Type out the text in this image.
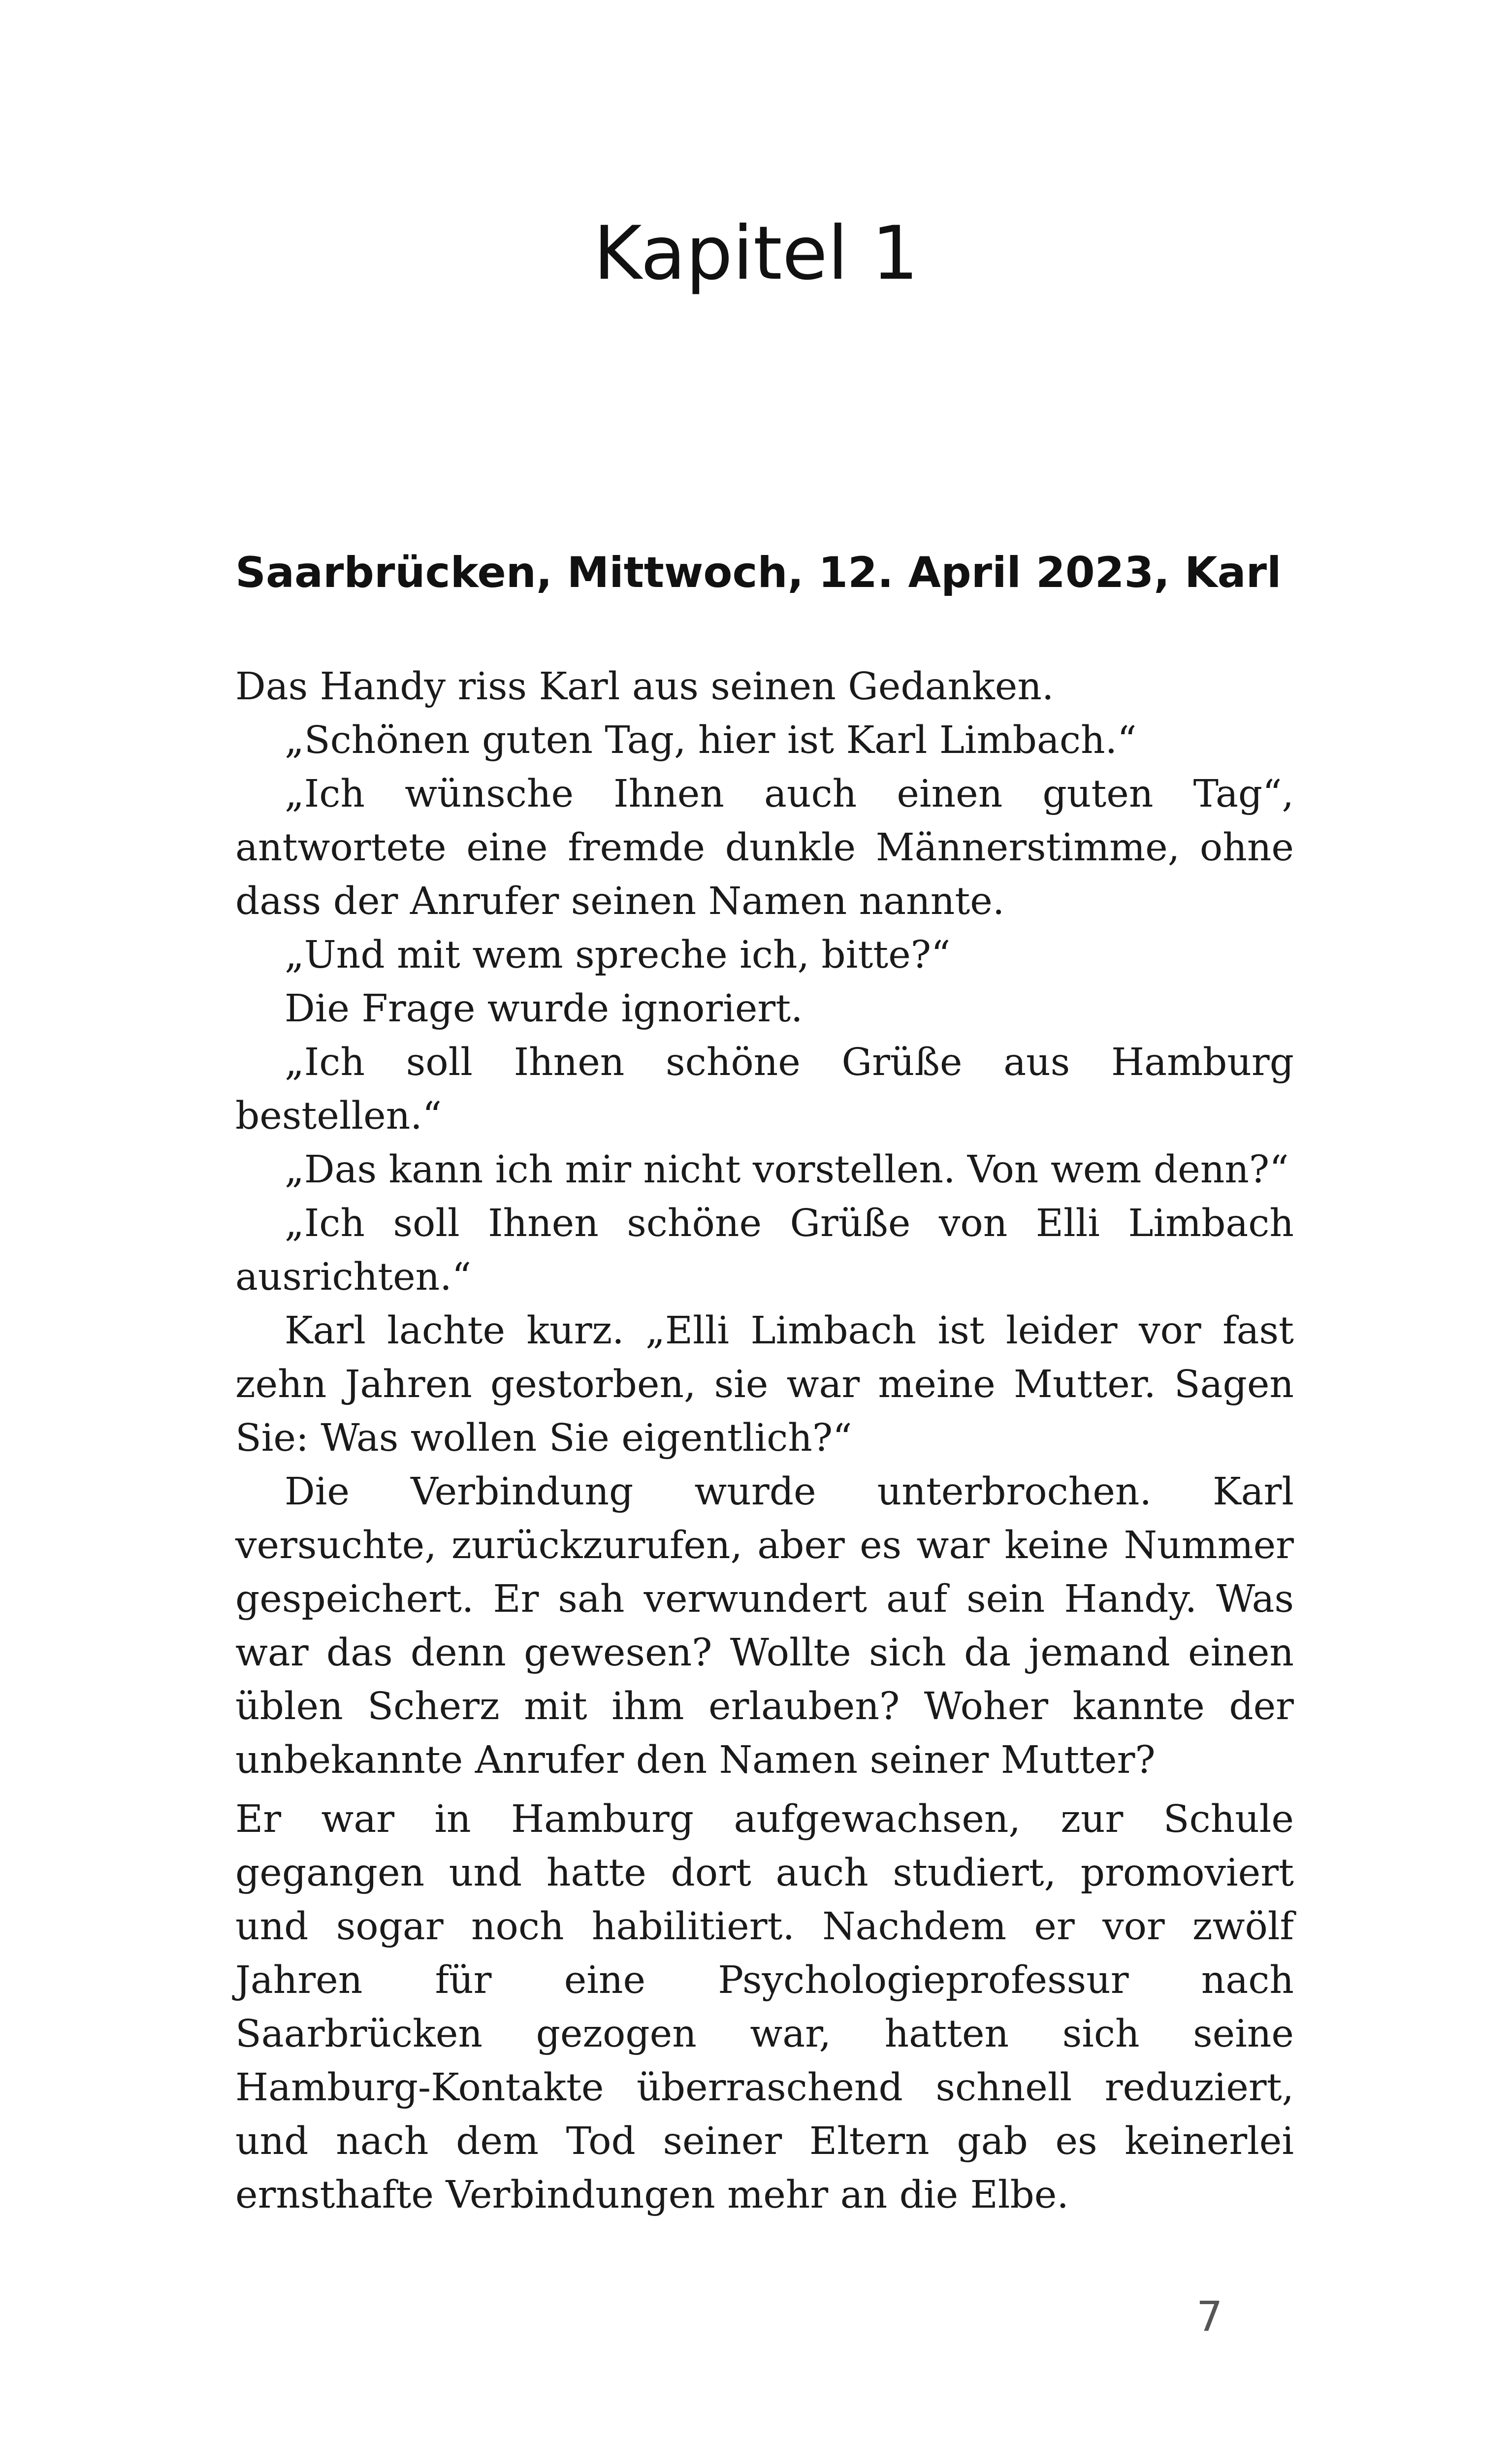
Kapitel 1
Saarbrücken, Mittwoch, 12. April 2023, Karl

Das Handy riss Karl aus seinen Gedanken.

„Schönen guten Tag, hier ist Karl Limbach.“

„Ich wünsche Ihnen auch einen guten Tag“, antwortete eine fremde dunkle Männerstimme, ohne dass der Anrufer seinen Namen nannte.

„Und mit wem spreche ich, bitte?“

Die Frage wurde ignoriert.

„Ich soll Ihnen schöne Grüße aus Hamburg bestellen.“

„Das kann ich mir nicht vorstellen. Von wem denn?“

„Ich soll Ihnen schöne Grüße von Elli Limbach ausrichten.“

Karl lachte kurz. „Elli Limbach ist leider vor fast zehn Jahren gestorben, sie war meine Mutter. Sagen Sie: Was wollen Sie eigentlich?“

Die Verbindung wurde unterbrochen. Karl versuchte, zurückzurufen, aber es war keine Nummer gespeichert. Er sah verwundert auf sein Handy. Was war das denn gewesen? Wollte sich da jemand einen üblen Scherz mit ihm erlauben? Woher kannte der unbekannte Anrufer den Namen seiner Mutter?

Er war in Hamburg aufgewachsen, zur Schule gegangen und hatte dort auch studiert, promoviert und sogar noch habilitiert. Nachdem er vor zwölf Jahren für eine Psychologieprofessur nach Saarbrücken gezogen war, hatten sich seine Hamburg-Kontakte überraschend schnell reduziert, und nach dem Tod seiner Eltern gab es keinerlei ernsthafte Verbindungen mehr an die Elbe.

7
